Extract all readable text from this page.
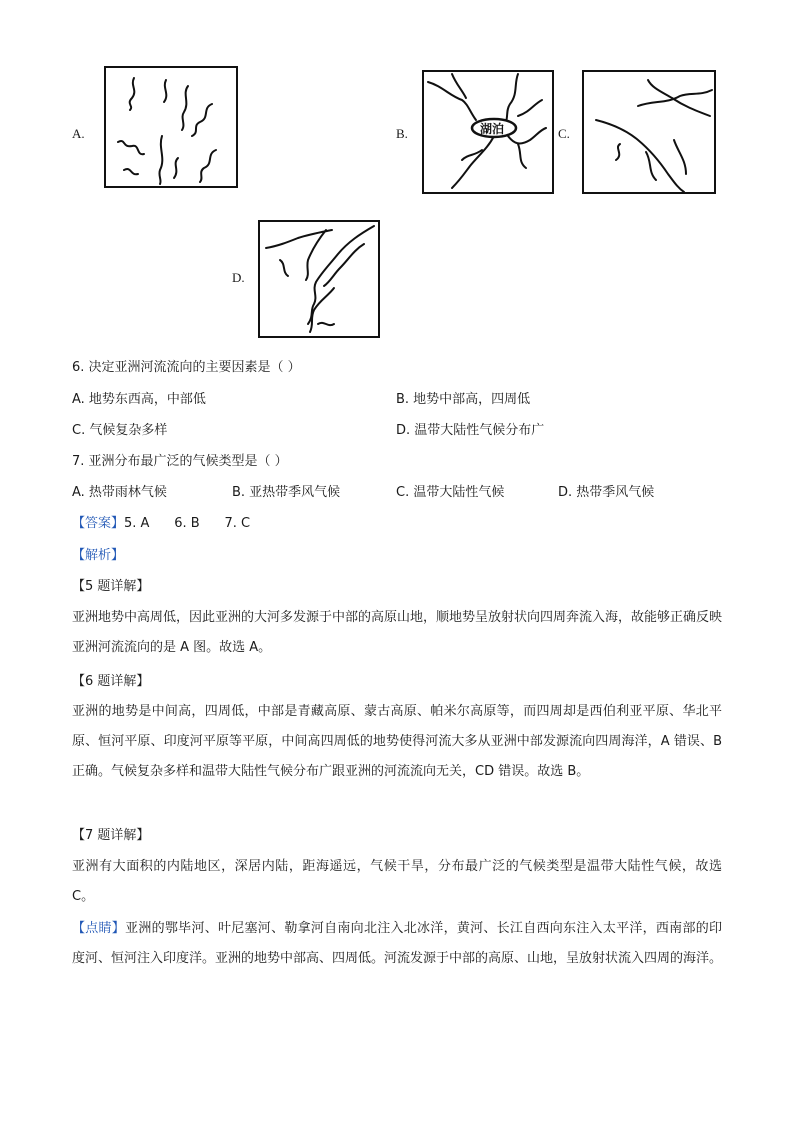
A.	B.	湖泊	C.
D.
6. 决定亚洲河流流向的主要因素是（ ）
A. 地势东西高，中部低	B. 地势中部高，四周低
C. 气候复杂多样	D. 温带大陆性气候分布广
7. 亚洲分布最广泛的气候类型是（ ）
A. 热带雨林气候	B. 亚热带季风气候	C. 温带大陆性气候	D. 热带季风气候
【答案】5. A      6. B      7. C
【解析】
【5 题详解】
亚洲地势中高周低，因此亚洲的大河多发源于中部的高原山地，顺地势呈放射状向四周奔流入海，故能够正确反映亚洲河流流向的是 A 图。故选 A。
【6 题详解】
亚洲的地势是中间高，四周低，中部是青藏高原、蒙古高原、帕米尔高原等，而四周却是西伯利亚平原、华北平原、恒河平原、印度河平原等平原，中间高四周低的地势使得河流大多从亚洲中部发源流向四周海洋，A 错误、B 正确。气候复杂多样和温带大陆性气候分布广跟亚洲的河流流向无关，CD 错误。故选 B。
【7 题详解】
亚洲有大面积的内陆地区，深居内陆，距海遥远，气候干旱，分布最广泛的气候类型是温带大陆性气候，故选 C。
【点睛】亚洲的鄂毕河、叶尼塞河、勒拿河自南向北注入北冰洋，黄河、长江自西向东注入太平洋，西南部的印度河、恒河注入印度洋。亚洲的地势中部高、四周低。河流发源于中部的高原、山地，呈放射状流入四周的海洋。
